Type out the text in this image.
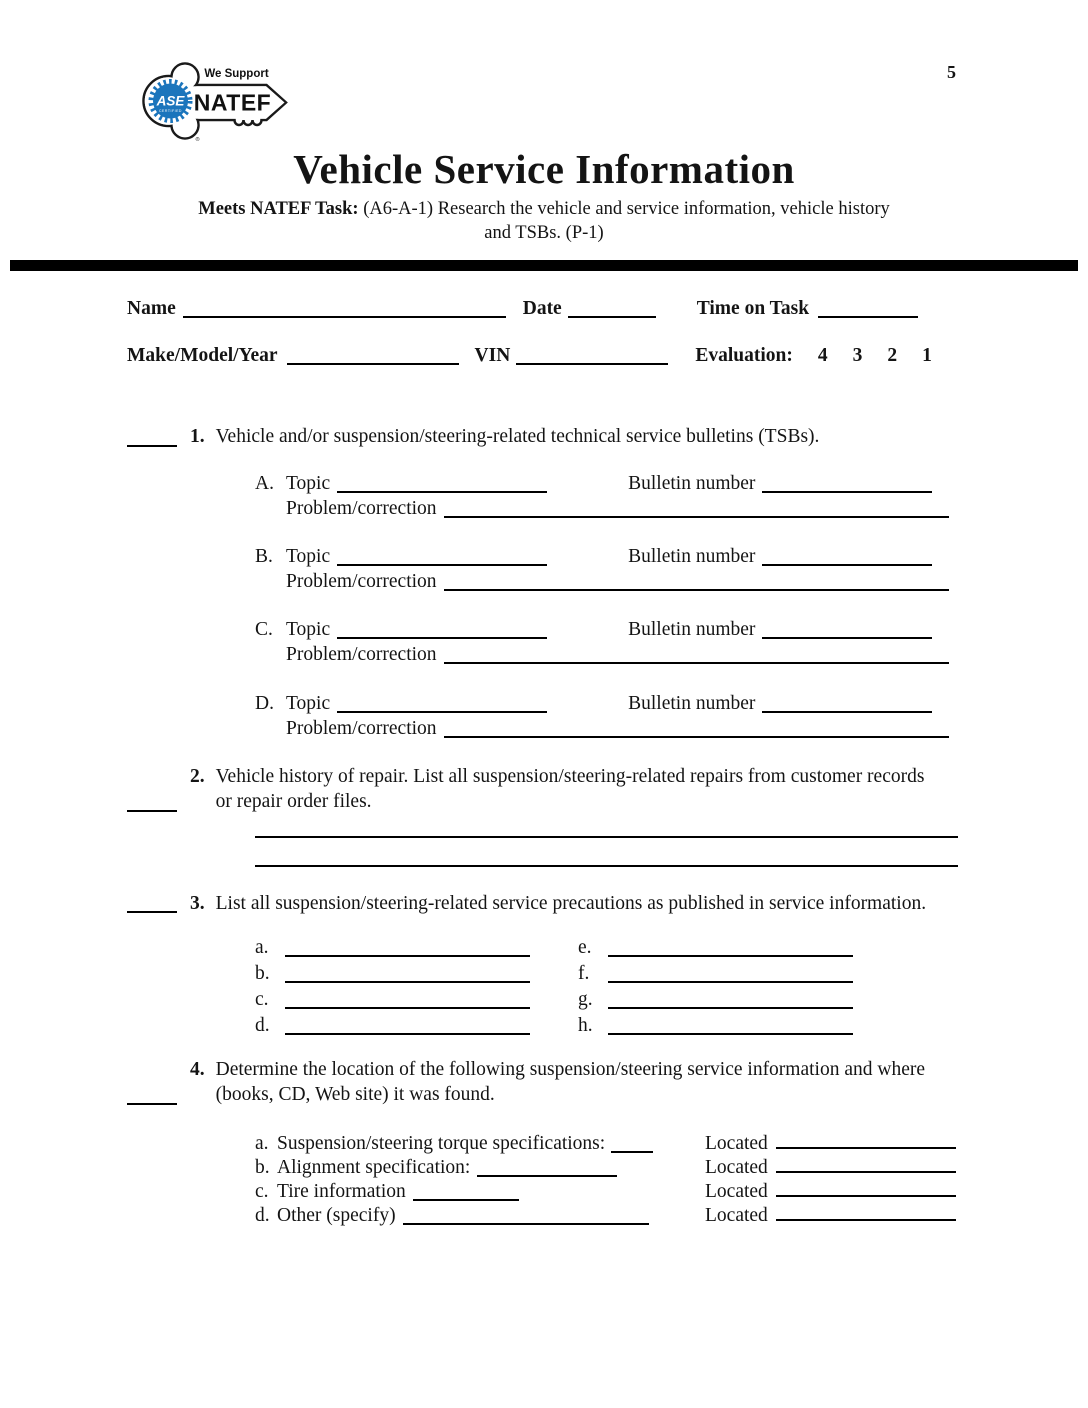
5
ASE
CERTIFIED
®
We Support
NATEF
Vehicle Service Information
Meets NATEF Task: (A6-A-1) Research the vehicle and service information, vehicle history
and TSBs. (P-1)
Name	Date	Time on Task
Make/Model/Year	VIN	Evaluation: 4 3 2 1
1. Vehicle and/or suspension/steering-related technical service bulletins (TSBs).
A. Topic	Bulletin number
Problem/correction
B. Topic	Bulletin number
Problem/correction
C. Topic	Bulletin number
Problem/correction
D. Topic	Bulletin number
Problem/correction
2. Vehicle history of repair. List all suspension/steering-related repairs from customer records or repair order files.
3. List all suspension/steering-related service precautions as published in service information.
a.	e.
b.	f.
c.	g.
d.	h.
4. Determine the location of the following suspension/steering service information and where (books, CD, Web site) it was found.
a. Suspension/steering torque specifications:	Located
b. Alignment specification:	Located
c. Tire information	Located
d. Other (specify)	Located
